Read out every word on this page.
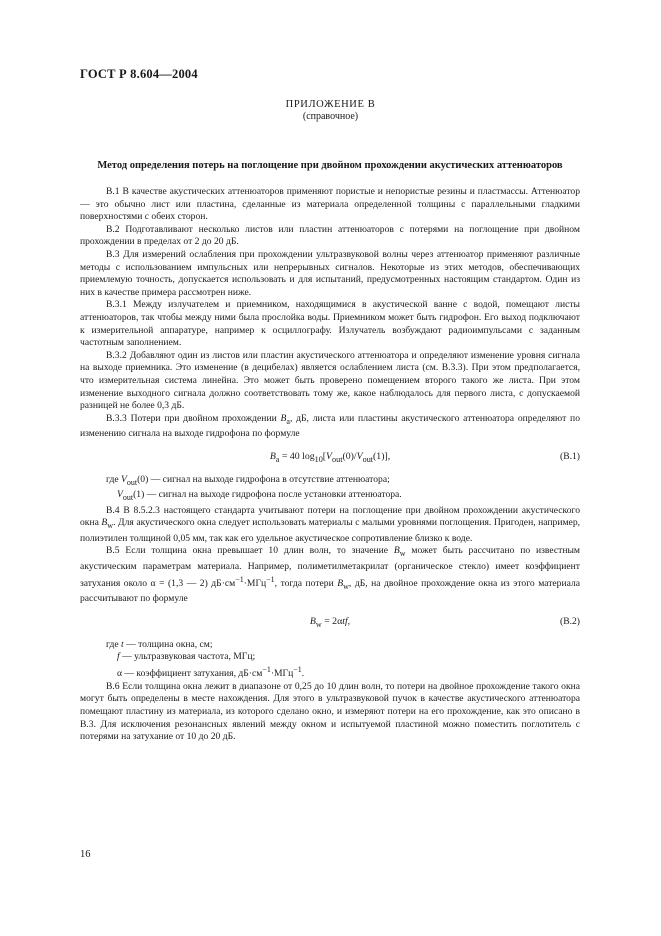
ГОСТ Р 8.604—2004
ПРИЛОЖЕНИЕ В
(справочное)
Метод определения потерь на поглощение при двойном прохождении акустических аттенюаторов

В.1 В качестве акустических аттенюаторов применяют пористые и непористые резины и пластмассы. Аттенюатор — это обычно лист или пластина, сделанные из материала определенной толщины с параллельными гладкими поверхностями с обеих сторон.

В.2 Подготавливают несколько листов или пластин аттенюаторов с потерями на поглощение при двойном прохождении в пределах от 2 до 20 дБ.

В.3 Для измерений ослабления при прохождении ультразвуковой волны через аттенюатор применяют различные методы с использованием импульсных или непрерывных сигналов. Некоторые из этих методов, обеспечивающих приемлемую точность, допускается использовать и для испытаний, предусмотренных настоящим стандартом. Один из них в качестве примера рассмотрен ниже.

В.3.1 Между излучателем и приемником, находящимися в акустической ванне с водой, помещают листы аттенюаторов, так чтобы между ними была прослойка воды. Приемником может быть гидрофон. Его выход подключают к измерительной аппаратуре, например к осциллографу. Излучатель возбуждают радиоимпульсами с заданным частотным заполнением.

В.3.2 Добавляют один из листов или пластин акустического аттенюатора и определяют изменение уровня сигнала на выходе приемника. Это изменение (в децибелах) является ослаблением листа (см. В.3.3). При этом предполагается, что измерительная система линейна. Это может быть проверено помещением второго такого же листа. При этом изменение выходного сигнала должно соответствовать тому же, какое наблюдалось для первого листа, с допускаемой разницей не более 0,3 дБ.

В.3.3 Потери при двойном прохождении $B_a$, дБ, листа или пластины акустического аттенюатора определяют по изменению сигнала на выходе гидрофона по формуле

$B_a = 40$ $\log_{10}[V_{out}(0)/V_{out}(1)]$,	(В.1)

где $V_{out}(0)$ — сигнал на выходе гидрофона в отсутствие аттенюатора;

$V_{out}(1)$ — сигнал на выходе гидрофона после установки аттенюатора.

В.4 В 8.5.2.3 настоящего стандарта учитывают потери на поглощение при двойном прохождении акустического окна $B_w$. Для акустического окна следует использовать материалы с малыми уровнями поглощения. Пригоден, например, полиэтилен толщиной 0,05 мм, так как его удельное акустическое сопротивление близко к воде.

В.5 Если толщина окна превышает 10 длин волн, то значение $B_w$ может быть рассчитано по известным акустическим параметрам материала. Например, полиметилметакрилат (органическое стекло) имеет коэффициент затухания около α = (1,3 — 2) $дБ\cdot см^{-1}\cdot МГц^{-1}$, тогда потери $B_w$, дБ, на двойное прохождение окна из этого материала рассчитывают по формуле

$B_w = 2\alpha tf$,	(В.2)

где t — толщина окна, см;

f — ультразвуковая частота, МГц;

α — коэффициент затухания, $дБ\cdot см^{-1}\cdot МГц^{-1}$.

В.6 Если толщина окна лежит в диапазоне от 0,25 до 10 длин волн, то потери на двойное прохождение такого окна могут быть определены в месте нахождения. Для этого в ультразвуковой пучок в качестве акустического аттенюатора помещают пластину из материала, из которого сделано окно, и измеряют потери на его прохождение, как это описано в В.3. Для исключения резонансных явлений между окном и испытуемой пластиной можно поместить поглотитель с потерями на затухание от 10 до 20 дБ.

16
